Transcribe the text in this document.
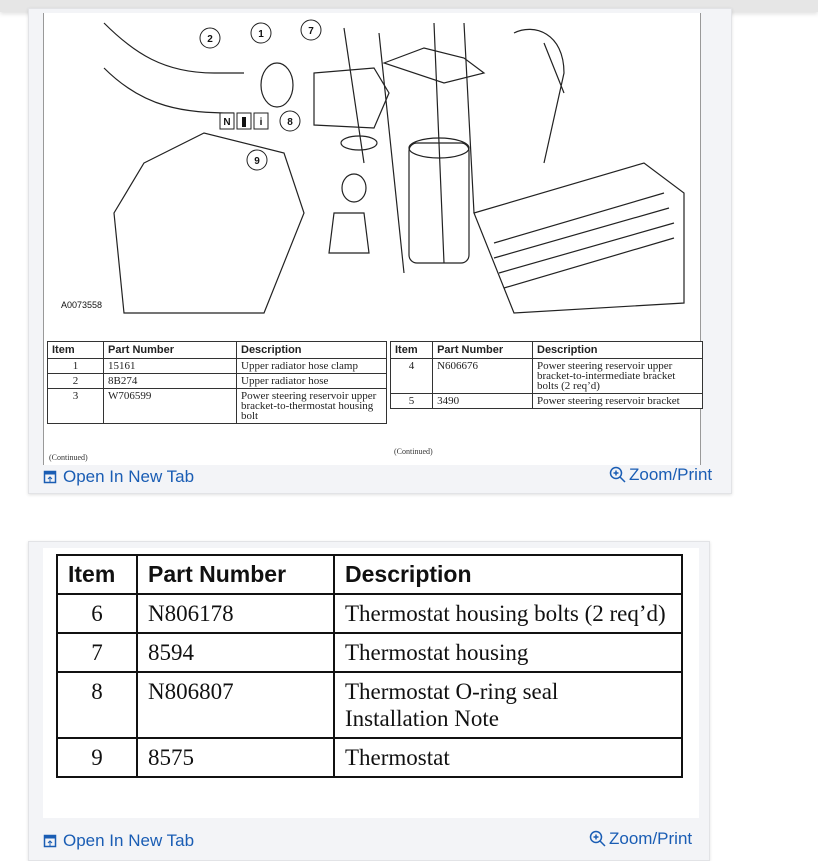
2	1	7
8
9
N	i
A0073558
Item	Part Number	Description
1	15161	Upper radiator hose clamp
2	8B274	Upper radiator hose
3	W706599	Power steering reservoir upper bracket-to-thermostat housing bolt
(Continued)
Item	Part Number	Description
4	N606676	Power steering reservoir upper bracket-to-intermediate bracket bolts (2 req’d)
5	3490	Power steering reservoir bracket
(Continued)
Open In New Tab	Zoom/Print
Item	Part Number	Description
6	N806178	Thermostat housing bolts (2 req’d)
7	8594	Thermostat housing
8	N806807	Thermostat O-ring seal Installation Note
9	8575	Thermostat
Open In New Tab	Zoom/Print
